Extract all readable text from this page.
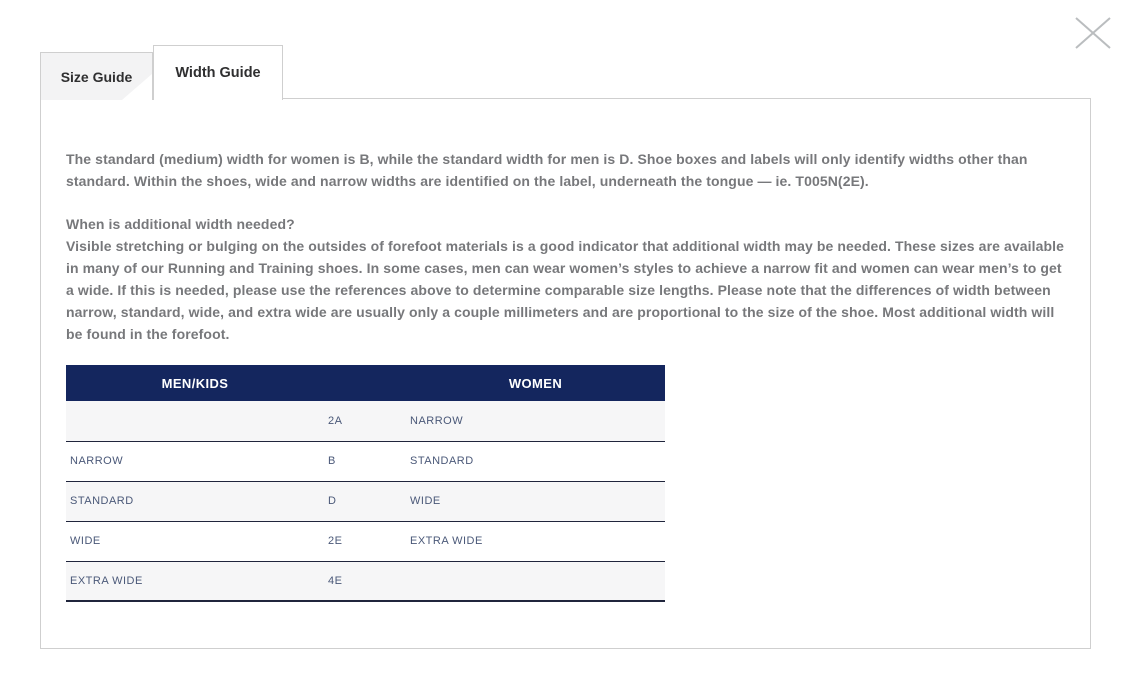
Size Guide	Width Guide

The standard (medium) width for women is B, while the standard width for men is D. Shoe boxes and labels will only identify widths other than standard. Within the shoes, wide and narrow widths are identified on the label, underneath the tongue — ie. T005N(2E).

When is additional width needed?

Visible stretching or bulging on the outsides of forefoot materials is a good indicator that additional width may be needed. These sizes are available in many of our Running and Training shoes. In some cases, men can wear women’s styles to achieve a narrow fit and women can wear men’s to get a wide. If this is needed, please use the references above to determine comparable size lengths. Please note that the differences of width between narrow, standard, wide, and extra wide are usually only a couple millimeters and are proportional to the size of the shoe. Most additional width will be found in the forefoot.

MEN/KIDS		WOMEN
	2A	NARROW
NARROW	B	STANDARD
STANDARD	D	WIDE
WIDE	2E	EXTRA WIDE
EXTRA WIDE	4E	
